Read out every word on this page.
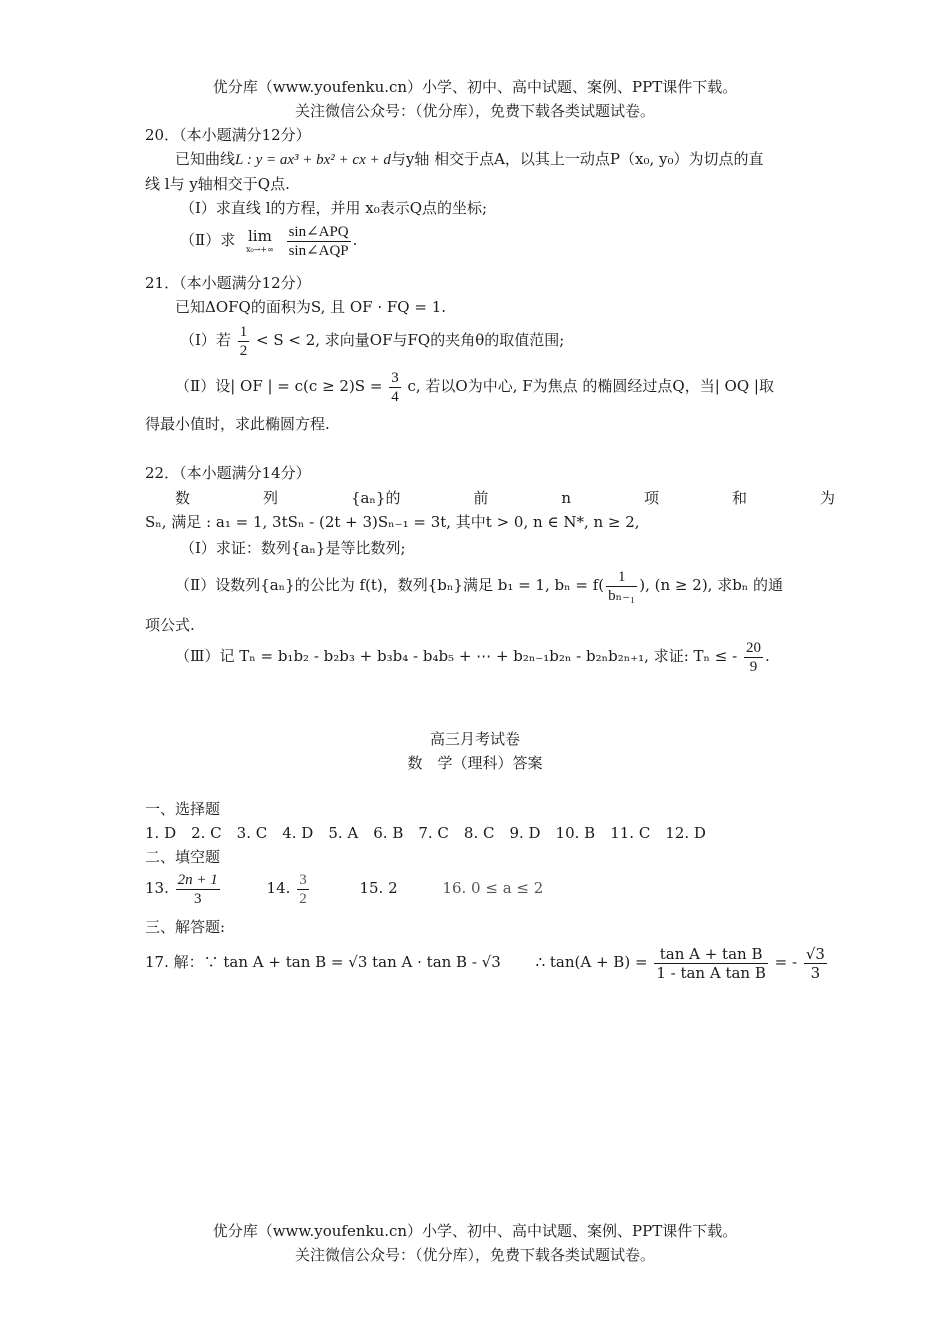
优分库（www.youfenku.cn）小学、初中、高中试题、案例、PPT课件下载。
关注微信公众号：（优分库），免费下载各类试题试卷。
20．（本小题满分12分）
已知曲线L : y = ax³ + bx² + cx + d与y轴 相交于点A，以其上一动点P（x₀, y₀）为切点的直
线 l与 y轴相交于Q点.
（Ⅰ）求直线 l的方程，并用 x₀表示Q点的坐标;
（Ⅱ）求 lim
x₀→+∞
$\frac{\text{sin∠APQ}}{\text{sin∠AQP}}$ .
21．（本小题满分12分）
已知ΔOFQ的面积为S, 且 OF · FQ = 1.
（Ⅰ）若 $\frac{1}{2} < S < 2$, 求向量OF与FQ的夹角θ的取值范围;
（Ⅱ）设| OF | = $c(c \ge 2)S = \frac{3}{4} c$, 若以O为中心, F为焦点 的椭圆经过点Q，当| OQ |取
得最小值时，求此椭圆方程.
22．（本小题满分14分）
数	列	{aₙ}的	前	n	项	和	为
Sₙ, 满足 : a₁ = 1, 3tSₙ - (2t + 3)Sₙ₋₁ = 3t, 其中t > 0, n ∈ N*, n ≥ 2,
（Ⅰ）求证：数列{aₙ}是等比数列;
（Ⅱ）设数列{aₙ}的公比为 f(t)，数列{bₙ}满足 b₁ = 1, $b_n = f( \frac{1}{\text{bₙ₋₁}}$ ), (n ≥ 2), 求bₙ 的通
项公式.
（Ⅲ）记 Tₙ = b₁b₂ - b₂b₃ + b₃b₄ - b₄b₅ + ⋯ + b₂ₙ₋₁b₂ₙ - b₂ₙb₂ₙ₊₁, 求证: Tₙ ≤ - $\frac{20}{9}$ .
高三月考试卷
数　学（理科）答案
一、选择题
1. D　2. C　3. C　4. D　5. A　6. B　7. C　8. C　9. D　10. B　11. C　12. D
二、填空题
13. $\frac{2n + 1}{3}$	14. $\frac{3}{2}$	15. 2	16. 0 ≤ a ≤ 2
三、解答题:
17. 解：∵ tan A + tan B = √3 tan A · tan B - √3 ∴ $\tan(A + B) = \frac{\text{tan A + tan B}}{\text{1 - tan A tan B}}$ = - $\frac{√3}{3}$
优分库（www.youfenku.cn）小学、初中、高中试题、案例、PPT课件下载。
关注微信公众号：（优分库），免费下载各类试题试卷。
